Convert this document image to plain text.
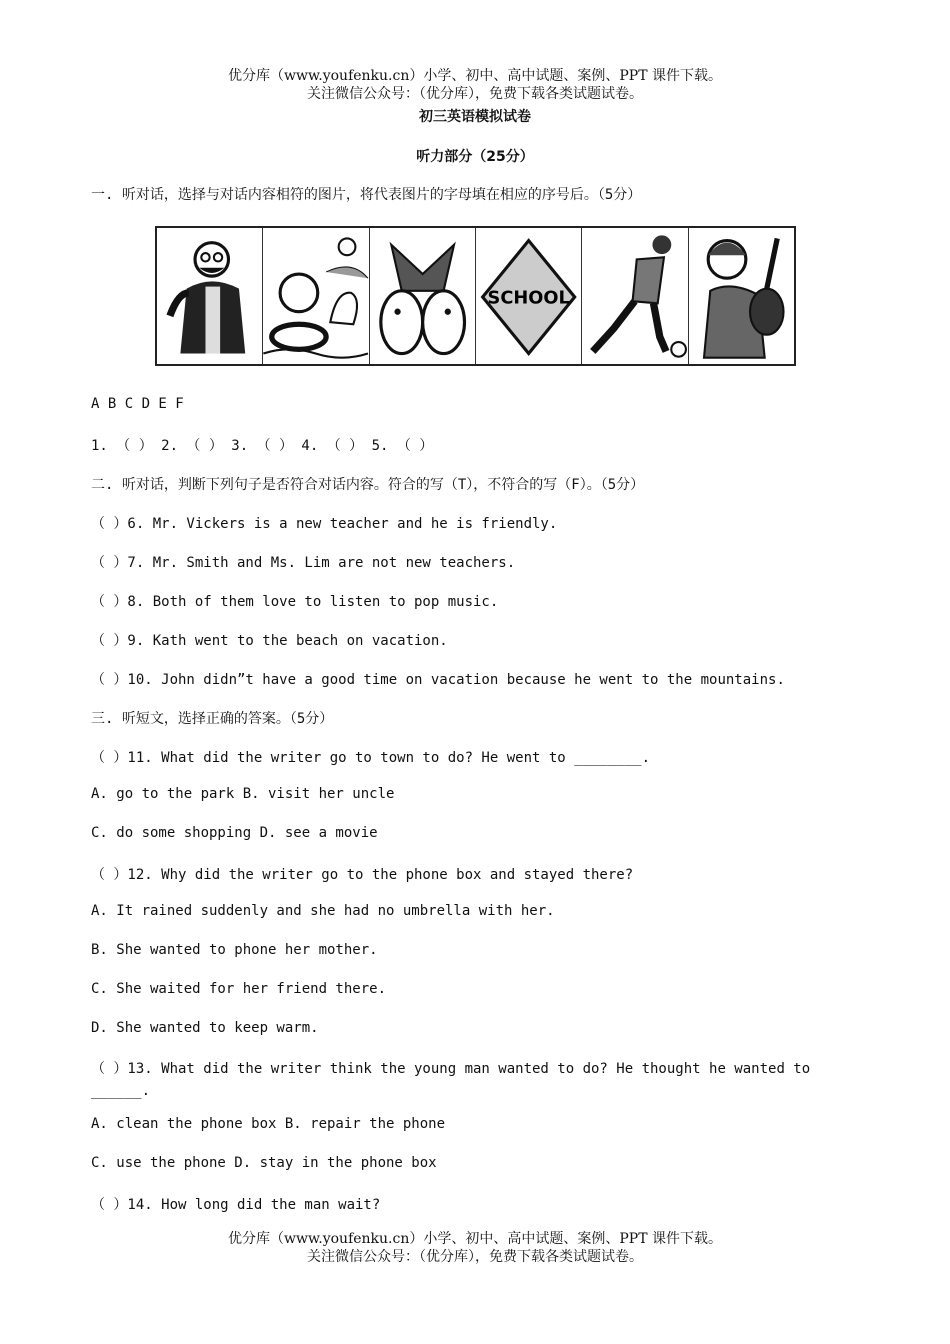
优分库（www.youfenku.cn）小学、初中、高中试题、案例、PPT 课件下载。
关注微信公众号：（优分库），免费下载各类试题试卷。
初三英语模拟试卷
听力部分（25分）
一. 听对话，选择与对话内容相符的图片，将代表图片的字母填在相应的序号后。（5分）
SCHOOL
A B C D E F
1. （ ） 2. （ ） 3. （ ） 4. （ ） 5. （ ）
二. 听对话，判断下列句子是否符合对话内容。符合的写（T），不符合的写（F）。（5分）
（ ）6. Mr. Vickers is a new teacher and he is friendly.
（ ）7. Mr. Smith and Ms. Lim are not new teachers.
（ ）8. Both of them love to listen to pop music.
（ ）9. Kath went to the beach on vacation.
（ ）10. John didn”t have a good time on vacation because he went to the mountains.
三. 听短文，选择正确的答案。（5分）
（ ）11. What did the writer go to town to do? He went to ________.
A. go to the park B. visit her uncle
C. do some shopping D. see a movie
（ ）12. Why did the writer go to the phone box and stayed there?
A. It rained suddenly and she had no umbrella with her.
B. She wanted to phone her mother.
C. She waited for her friend there.
D. She wanted to keep warm.
（ ）13. What did the writer think the young man wanted to do? He thought he wanted to ______.
A. clean the phone box B. repair the phone
C. use the phone D. stay in the phone box
（ ）14. How long did the man wait?
优分库（www.youfenku.cn）小学、初中、高中试题、案例、PPT 课件下载。
关注微信公众号：（优分库），免费下载各类试题试卷。
